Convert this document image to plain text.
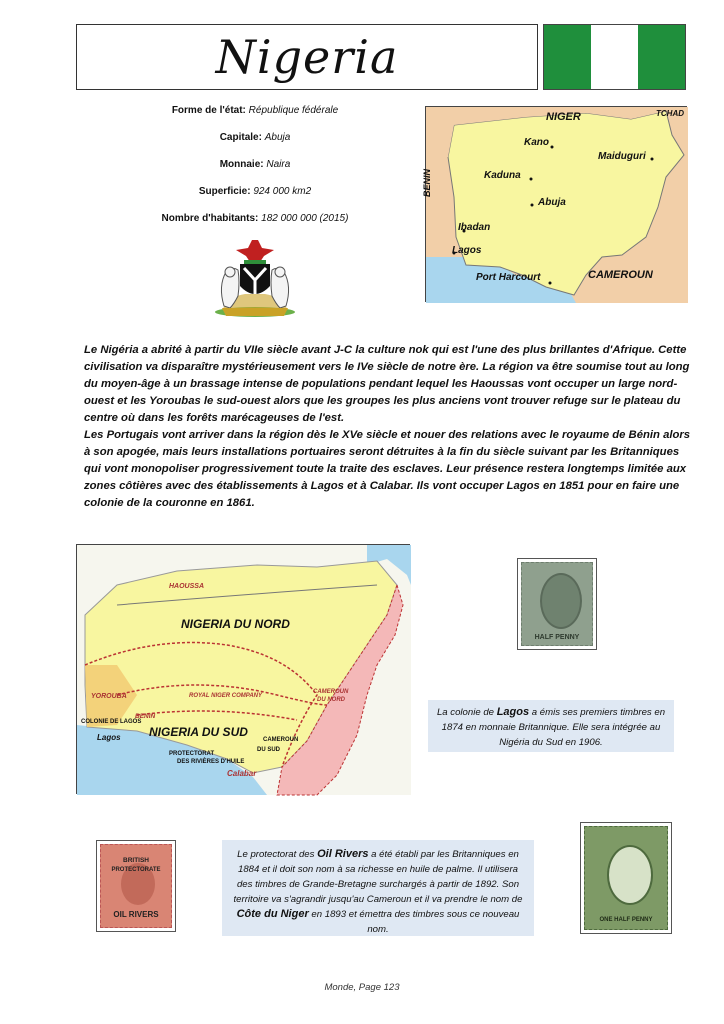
Nigeria
Forme de l'état: République fédérale
Capitale: Abuja
Monnaie: Naira
Superficie: 924 000 km2
Nombre d'habitants: 182 000 000 (2015)
NIGER	TCHAD
BENIN
Kano
Maiduguri
Kaduna
Abuja
Ibadan
Lagos
Port Harcourt	CAMEROUN

Le Nigéria a abrité à partir du VIIe siècle avant J-C la culture nok qui est l'une des plus brillantes d'Afrique. Cette civilisation va disparaître mystérieusement vers le IVe siècle de notre ère. La région va être soumise tout au long du moyen-âge à un brassage intense de populations pendant lequel les Haoussas vont occuper un large nord-ouest et les Yoroubas le sud-ouest alors que les groupes les plus anciens vont trouver refuge sur le plateau du centre où dans les forêts marécageuses de l'est.

Les Portugais vont arriver dans la région dès le XVe siècle et nouer des relations avec le royaume de Bénin alors à son apogée, mais leurs installations portuaires seront détruites à la fin du siècle suivant par les Britanniques qui vont monopoliser progressivement toute la traite des esclaves. Leur présence restera longtemps limitée aux zones côtières avec des établissements à Lagos et à Calabar. Ils vont occuper Lagos en 1851 pour en faire une colonie de la couronne en 1861.

HAOUSSA
NIGERIA DU NORD
YOROUBA
BENIN
COLONIE DE LAGOS
Lagos
ROYAL NIGER COMPANY
NIGERIA DU SUD
CAMEROUN
DU NORD
CAMEROUN
DU SUD
PROTECTORAT
DES RIVIÈRES D'HUILE
Calabar
HALF PENNY
La colonie de Lagos a émis ses premiers timbres en 1874 en monnaie Britannique. Elle sera intégrée au Nigéria du Sud en 1906.
BRITISH
PROTECTORATE
OIL RIVERS
Le protectorat des Oil Rivers a été établi par les Britanniques en 1884 et il doit son nom à sa richesse en huile de palme. Il utilisera des timbres de Grande-Bretagne surchargés à partir de 1892. Son territoire va s'agrandir jusqu'au Cameroun et il va prendre le nom de Côte du Niger en 1893 et émettra des timbres sous ce nouveau nom.
ONE HALF PENNY
Monde, Page 123
